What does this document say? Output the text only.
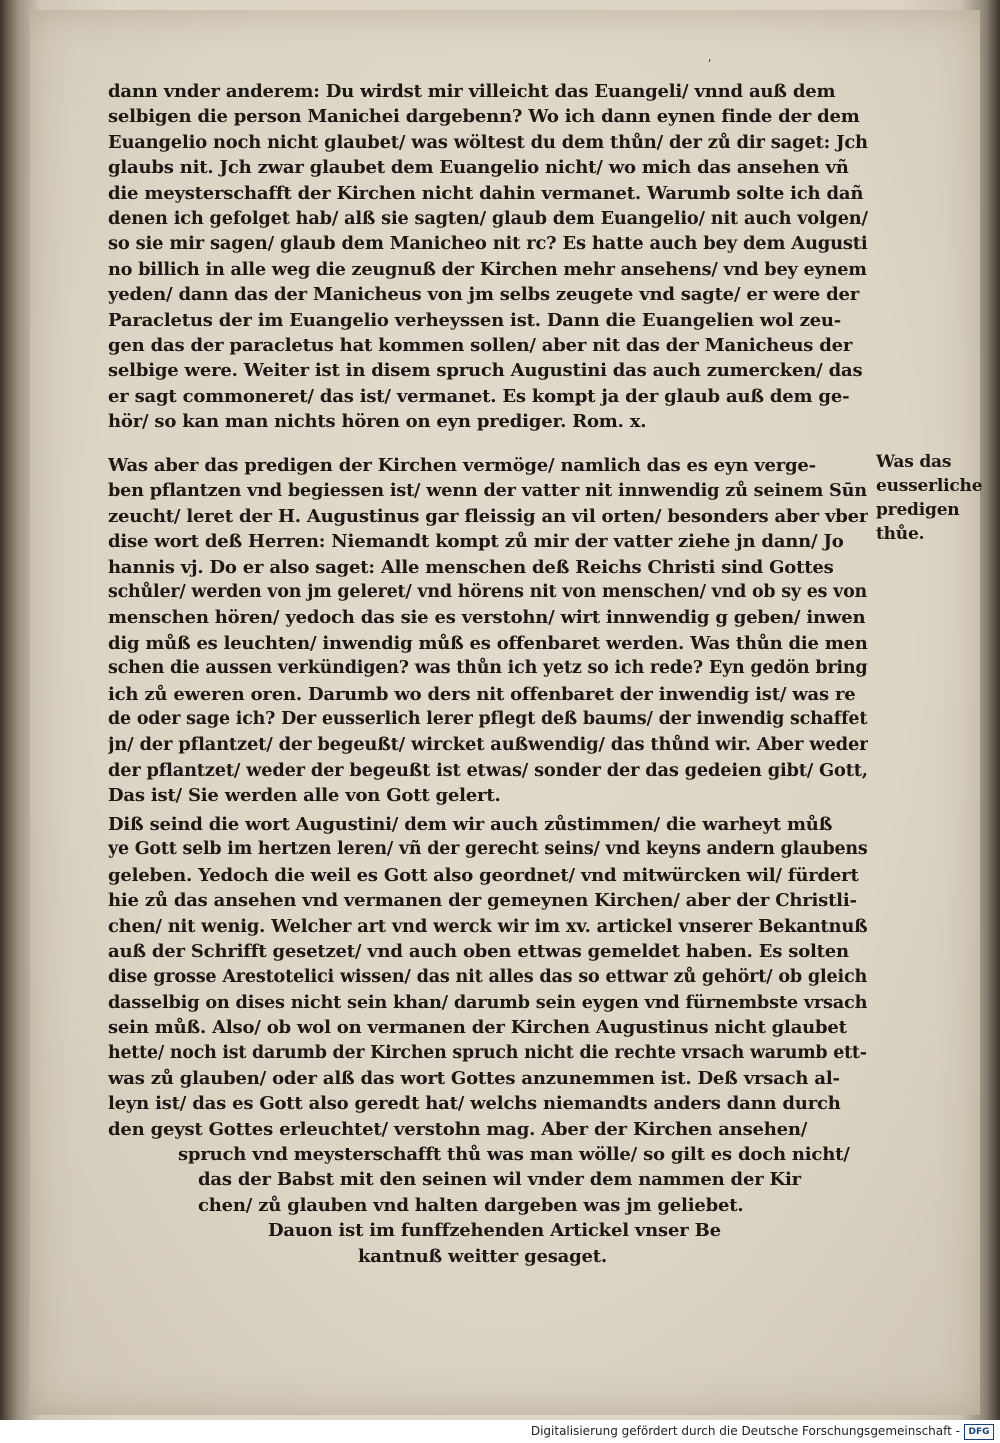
ʹ
dann vnder anderem: Du wirdst mir villeicht das Euangeli/ vnnd auß dem
selbigen die person Manichei dargebenn? Wo ich dann eynen finde der dem
Euangelio noch nicht glaubet/ was wöltest du dem thůn/ der zů dir saget: Jch
glaubs nit. Jch zwar glaubet dem Euangelio nicht/ wo mich das ansehen vñ
die meysterschafft der Kirchen nicht dahin vermanet. Warumb solte ich dañ
denen ich gefolget hab/ alß sie sagten/ glaub dem Euangelio/ nit auch volgen/
so sie mir sagen/ glaub dem Manicheo nit rc? Es hatte auch bey dem Augusti
no billich in alle weg die zeugnuß der Kirchen mehr ansehens/ vnd bey eynem
yeden/ dann das der Manicheus von jm selbs zeugete vnd sagte/ er were der
Paracletus der im Euangelio verheyssen ist. Dann die Euangelien wol zeu-
gen das der paracletus hat kommen sollen/ aber nit das der Manicheus der
selbige were. Weiter ist in disem spruch Augustini das auch zumercken/ das
er sagt commoneret/ das ist/ vermanet. Es kompt ja der glaub auß dem ge-
hör/ so kan man nichts hören on eyn prediger. Rom. x.
Was aber das predigen der Kirchen vermöge/ namlich das es eyn verge-
ben pflantzen vnd begiessen ist/ wenn der vatter nit innwendig zů seinem Sūn
zeucht/ leret der H. Augustinus gar fleissig an vil orten/ besonders aber vber
dise wort deß Herren: Niemandt kompt zů mir der vatter ziehe jn dann/ Jo
hannis vj. Do er also saget: Alle menschen deß Reichs Christi sind Gottes
schůler/ werden von jm geleret/ vnd hörens nit von menschen/ vnd ob sy es von
menschen hören/ yedoch das sie es verstohn/ wirt innwendig g geben/ inwen
dig můß es leuchten/ inwendig můß es offenbaret werden. Was thůn die men
schen die aussen verkündigen? was thůn ich yetz so ich rede? Eyn gedön bring
ich zů eweren oren. Darumb wo ders nit offenbaret der inwendig ist/ was re
de oder sage ich? Der eusserlich lerer pflegt deß baums/ der inwendig schaffet
jn/ der pflantzet/ der begeußt/ wircket außwendig/ das thůnd wir. Aber weder
der pflantzet/ weder der begeußt ist etwas/ sonder der das gedeien gibt/ Gott,
Das ist/ Sie werden alle von Gott gelert.
Diß seind die wort Augustini/ dem wir auch zůstimmen/ die warheyt můß
ye Gott selb im hertzen leren/ vñ der gerecht seins/ vnd keyns andern glaubens
geleben. Yedoch die weil es Gott also geordnet/ vnd mitwürcken wil/ fürdert
hie zů das ansehen vnd vermanen der gemeynen Kirchen/ aber der Christli-
chen/ nit wenig. Welcher art vnd werck wir im xv. artickel vnserer Bekantnuß
auß der Schrifft gesetzet/ vnd auch oben ettwas gemeldet haben. Es solten
dise grosse Arestotelici wissen/ das nit alles das so ettwar zů gehört/ ob gleich
dasselbig on dises nicht sein khan/ darumb sein eygen vnd fürnembste vrsach
sein můß. Also/ ob wol on vermanen der Kirchen Augustinus nicht glaubet
hette/ noch ist darumb der Kirchen spruch nicht die rechte vrsach warumb ett-
was zů glauben/ oder alß das wort Gottes anzunemmen ist. Deß vrsach al-
leyn ist/ das es Gott also geredt hat/ welchs niemandts anders dann durch
den geyst Gottes erleuchtet/ verstohn mag. Aber der Kirchen ansehen/
spruch vnd meysterschafft thů was man wölle/ so gilt es doch nicht/
das der Babst mit den seinen wil vnder dem nammen der Kir
chen/ zů glauben vnd halten dargeben was jm geliebet.
Dauon ist im funffzehenden Artickel vnser Be
kantnuß weitter gesaget.
Was das
eusserliche
predigen
thůe.
Digitalisierung gefördert durch die Deutsche Forschungsgemeinschaft - DFG
